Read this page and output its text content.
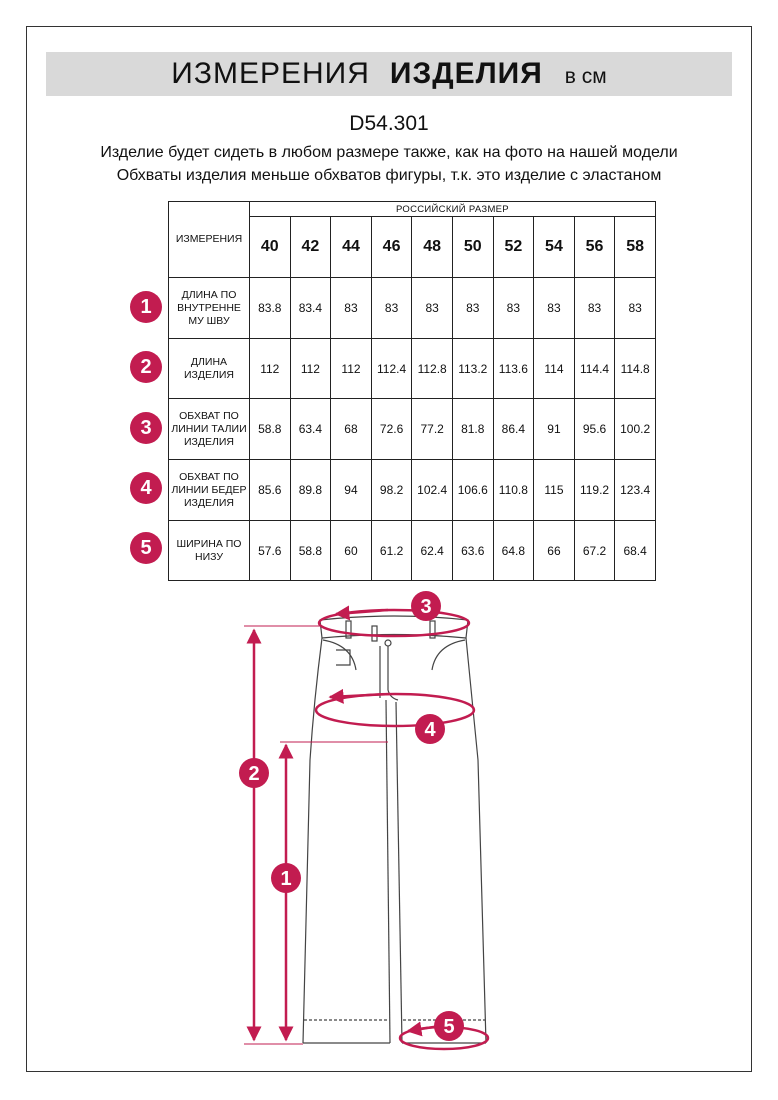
ИЗМЕРЕНИЯ ИЗДЕЛИЯ в см
D54.301
Изделие будет сидеть в любом размере также, как на фото на нашей модели
Обхваты изделия меньше обхватов фигуры, т.к. это изделие с эластаном
ИЗМЕРЕНИЯ	РОССИЙСКИЙ РАЗМЕР									
	40	42	44	46	48	50	52	54	56	58
ДЛИНА ПО ВНУТРЕННЕ МУ ШВУ	83.8	83.4	83	83	83	83	83	83	83	83
ДЛИНА ИЗДЕЛИЯ	112	112	112	112.4	112.8	113.2	113.6	114	114.4	114.8
ОБХВАТ ПО ЛИНИИ ТАЛИИ ИЗДЕЛИЯ	58.8	63.4	68	72.6	77.2	81.8	86.4	91	95.6	100.2
ОБХВАТ ПО ЛИНИИ БЕДЕР ИЗДЕЛИЯ	85.6	89.8	94	98.2	102.4	106.6	110.8	115	119.2	123.4
ШИРИНА ПО НИЗУ	57.6	58.8	60	61.2	62.4	63.6	64.8	66	67.2	68.4
1
2
3
4
5
3
4
2
1
5
